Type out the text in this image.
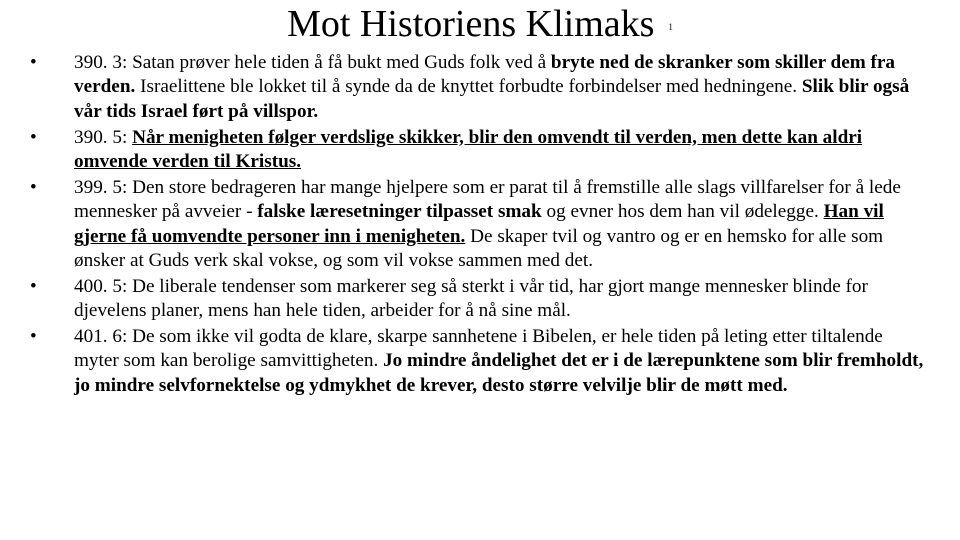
Mot Historiens Klimaks 1
•	390. 3: Satan prøver hele tiden å få bukt med Guds folk ved å bryte ned de skranker som skiller dem fra verden. Israelittene ble lokket til å synde da de knyttet forbudte forbindelser med hedningene. Slik blir også vår tids Israel ført på villspor.
•	390. 5: Når menigheten følger verdslige skikker, blir den omvendt til verden, men dette kan aldri omvende verden til Kristus.
•	399. 5: Den store bedrageren har mange hjelpere som er parat til å fremstille alle slags villfarelser for å lede mennesker på avveier - falske læresetninger tilpasset smak og evner hos dem han vil ødelegge. Han vil gjerne få uomvendte personer inn i menigheten. De skaper tvil og vantro og er en hemsko for alle som ønsker at Guds verk skal vokse, og som vil vokse sammen med det.
•	400. 5: De liberale tendenser som markerer seg så sterkt i vår tid, har gjort mange mennesker blinde for djevelens planer, mens han hele tiden, arbeider for å nå sine mål.
•	401. 6: De som ikke vil godta de klare, skarpe sannhetene i Bibelen, er hele tiden på leting etter tiltalende myter som kan berolige samvittigheten. Jo mindre åndelighet det er i de lærepunktene som blir fremholdt, jo mindre selvfornektelse og ydmykhet de krever, desto større velvilje blir de møtt med.
